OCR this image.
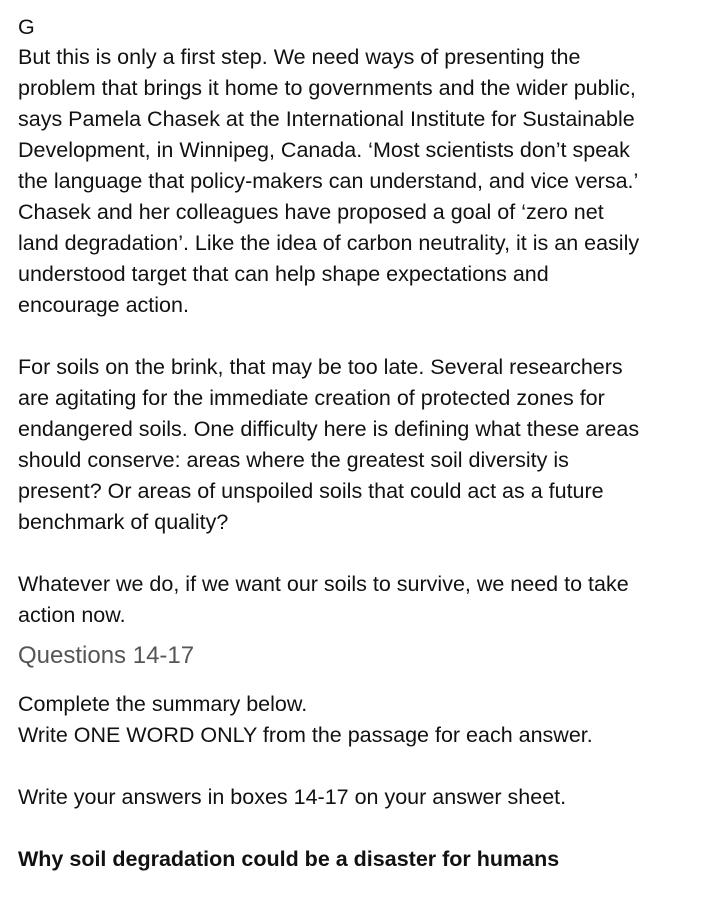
G

But this is only a first step. We need ways of presenting the

problem that brings it home to governments and the wider public,

says Pamela Chasek at the International Institute for Sustainable

Development, in Winnipeg, Canada. ‘Most scientists don’t speak

the language that policy-makers can understand, and vice versa.’

Chasek and her colleagues have proposed a goal of ‘zero net

land degradation’. Like the idea of carbon neutrality, it is an easily

understood target that can help shape expectations and

encourage action.

For soils on the brink, that may be too late. Several researchers

are agitating for the immediate creation of protected zones for

endangered soils. One difficulty here is defining what these areas

should conserve: areas where the greatest soil diversity is

present? Or areas of unspoiled soils that could act as a future

benchmark of quality?

Whatever we do, if we want our soils to survive, we need to take

action now.

Questions 14-17

Complete the summary below.

Write ONE WORD ONLY from the passage for each answer.

Write your answers in boxes 14-17 on your answer sheet.

Why soil degradation could be a disaster for humans
